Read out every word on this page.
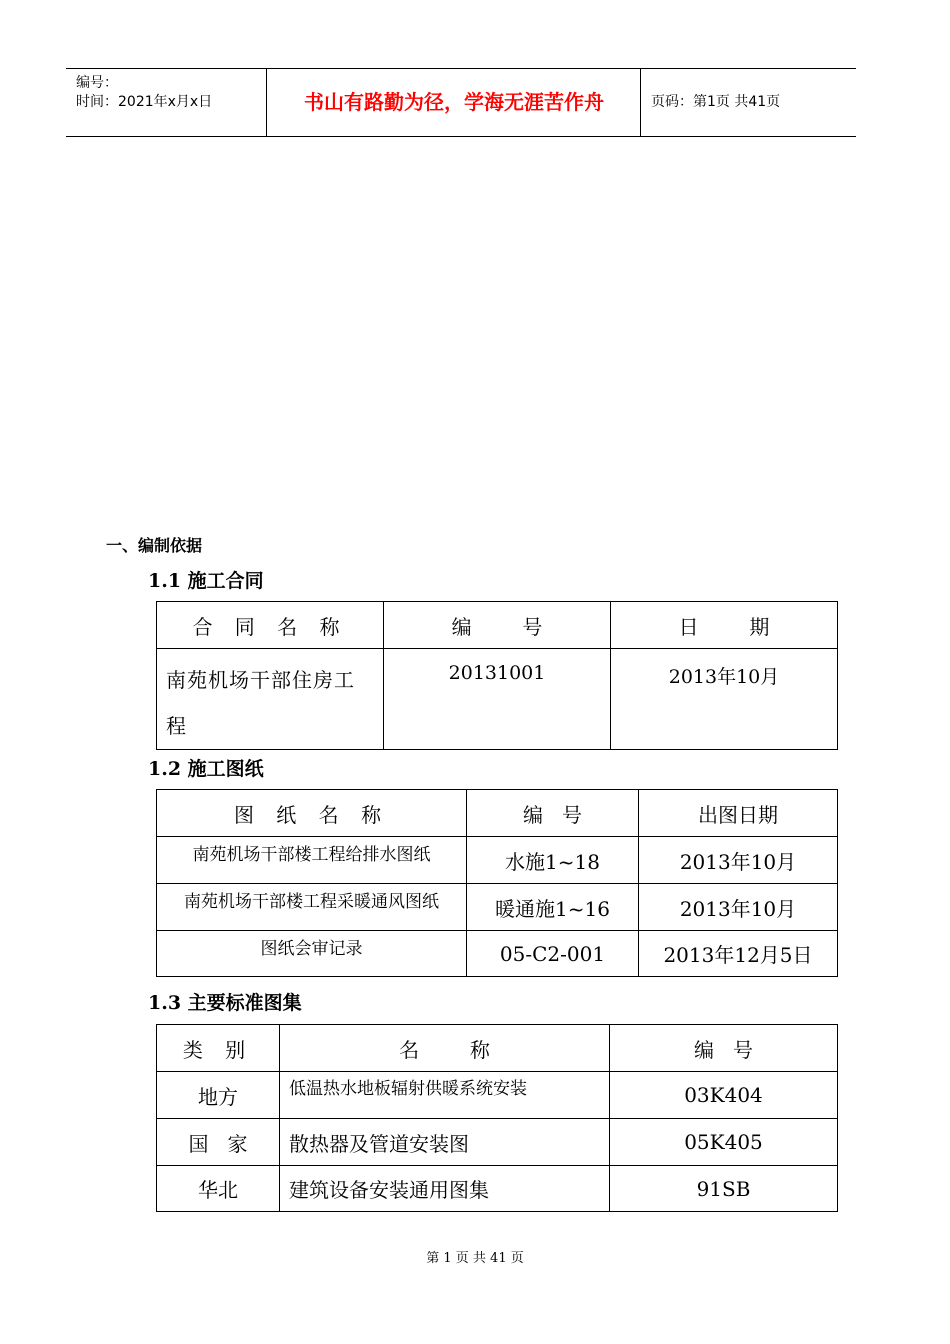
编号：
时间：2021年x月x日	书山有路勤为径，学海无涯苦作舟	页码：第1页 共41页
一、编制依据
1.1 施工合同
合 同 名 称	编        号	日        期
南苑机场干部住房工程	20131001	2013年10月
1.2 施工图纸
图 纸 名 称	编   号	出图日期
南苑机场干部楼工程给排水图纸	水施1~18	2013年10月
南苑机场干部楼工程采暖通风图纸	暖通施1~16	2013年10月
图纸会审记录	05-C2-001	2013年12月5日
1.3 主要标准图集
类 别	名        称	编   号
地方	低温热水地板辐射供暖系统安装	03K404
国   家	散热器及管道安装图	05K405
华北	建筑设备安装通用图集	91SB
第 1 页 共 41 页
